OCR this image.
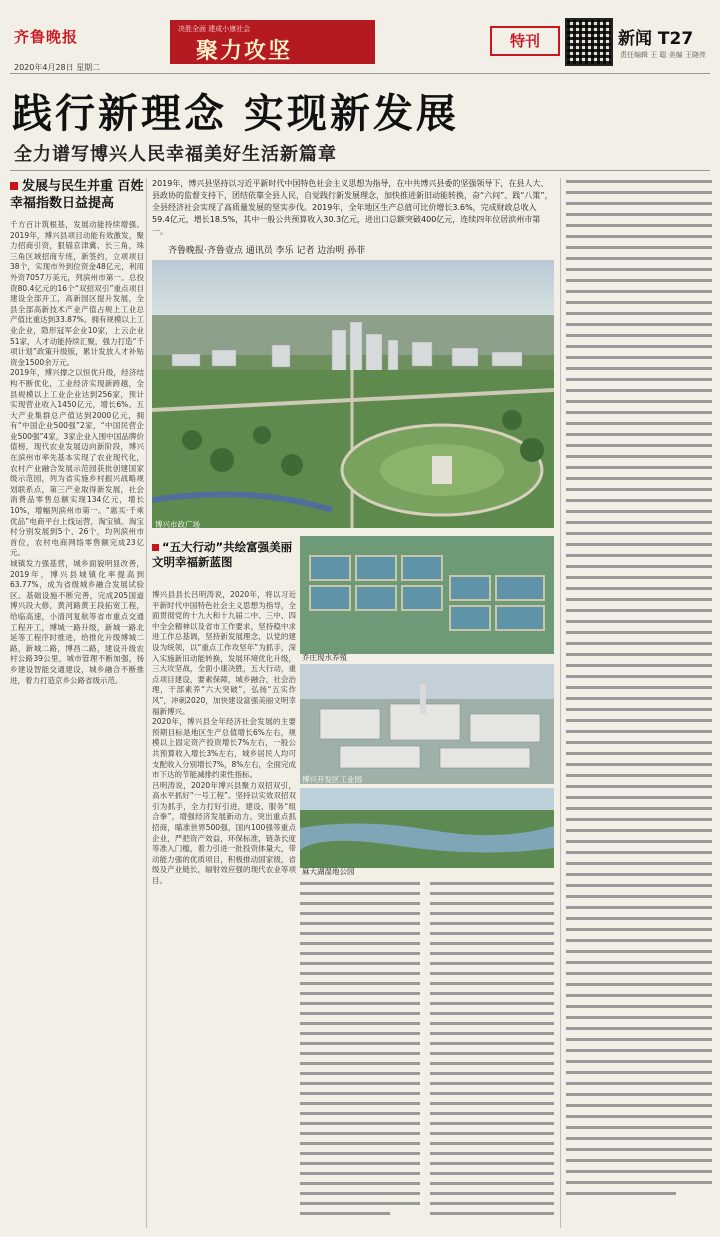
齐鲁晚报	决胜全面 建成小康社会
聚力攻坚	特刊	新闻 T27
责任编辑 王 聪 美编 王晓亮
2020年4月28日 星期二
践行新理念 实现新发展
全力谱写博兴人民幸福美好生活新篇章
发展与民生并重 百姓幸福指数日益提高
千方百计筑根基，发展动能持续增强。2019年，博兴县项目动能有效激发，聚力招商引资，狠锚京津冀、长三角，珠三角区域招商专班，新签约，立项项目38个，实现市外到位资金48亿元，利用外资7057万美元，列滨州市第一。总投资80.4亿元的16个“双招双引”重点项目建设全部开工，高新园区提升发展，全县全部高新技术产业产值占规上工业总产值比重达到33.87%。拥有规模以上工业企业，隐形冠军企业10家，上云企业51家，人才动能持续汇聚，强力打造“千项计划”政策升级版，累计发放人才补贴资金1500余万元。
2019年，博兴撑之以恒优升级，经济结构不断优化，工业经济实现新跨越，全县规模以上工业企业达到256家，预计实现营业收入1450亿元，增长6%。五大产业集群总产值达到2000亿元，拥有“中国企业500强”2家，“中国民营企业500强”4家，3家企业入围中国品牌价值榜，现代农业发展迈向新阶段，博兴在滨州市率先基本实现了农业现代化，农村产业融合发展示范园获批创建国家级示范园，列为省实施乡村振兴战略规划联系点，第三产业取得新发展，社会消费品零售总额实现134亿元，增长10%，增幅列滨州市第一。“惠买·千乘优品”电商平台上线运营，淘宝镇、淘宝村分别发展到5个、26个，均列滨州市首位，农村电商网络零售额完成23亿元。
城镇发力强基营，城乡面貌明显改善，2019年，博兴县城镇化率提高到63.77%，成为省级城乡融合发展试验区。基础设施不断完善，完成205国道博兴段大修，黄河路黄王段拓宽工程，给临高速，小清河复航等省市重点交通工程开工，博城一路升级，新城一路北延等工程序时推进，给推化升级博城二路，新城二路，博昌二路，建设升级农村公路39公里，城市管理不断加强，扬乡建设智能交通建设，城乡融合不断推进，着力打造京乡公路省级示范。
2019年，博兴县坚持以习近平新时代中国特色社会主义思想为指导，在中共博兴县委的坚强领导下，在县人大、县政协的监督支持下，团结依靠全县人民，自觉践行新发展理念，加快推进新旧动能转换，奋“六问”、践“八策”，全县经济社会实现了高质量发展的坚实步伐。2019年，全年地区生产总值可比价增长3.6%，完成财政总收入59.4亿元，增长18.5%，其中一般公共预算收入30.3亿元，进出口总额突破400亿元，连续四年位居滨州市第一。
齐鲁晚报·齐鲁壹点 通讯员 李乐 记者 边治明 孙菲
博兴市政广场
“五大行动”共绘富强美丽文明幸福新蓝图
博兴县县长吕明涛说，2020年，将以习近平新时代中国特色社会主义思想为指导，全面贯彻党的十九大和十九届二中、三中、四中全会精神以及省市工作要求，坚持稳中求进工作总基调，坚持新发展理念，以党的建设为统领，以“重点工作攻坚年”为抓手，深入实施新旧动能转换，发展环境优化升级，三大攻坚战，全面小康决胜，五大行动，重点项目建设，要素保障，城乡融合，社会治理，干部素养“六大突破”，弘扬“五实作风”，冲刺2020，加快建设富强美丽文明幸福新博兴。
2020年，博兴县全年经济社会发展的主要预期目标是地区生产总值增长6%左右，规模以上固定资产投资增长7%左右，一般公共预算收入增长3%左右，城乡居民人均可支配收入分别增长7%，8%左右，全面完成市下达的节能减排约束性指标。
吕明涛说，2020年博兴县聚力双招双引，高水平抓好“一号工程”。坚持以实效双招双引为抓手，全力打好引进，建设，服务“组合拳”，增强经济发展新动力。突出重点抓招商，瞄准世界500强，国内100强等重点企业，严把资产效益，环保标准，链条长度等准入门槛，着力引进一批投资体量大，带动能力强的优质项目，积极推动国家级，省级及产业链长，辐射效应强的现代农业等项目。
乔庄现水养殖
博兴开发区工业园
麻大湖湿地公园
